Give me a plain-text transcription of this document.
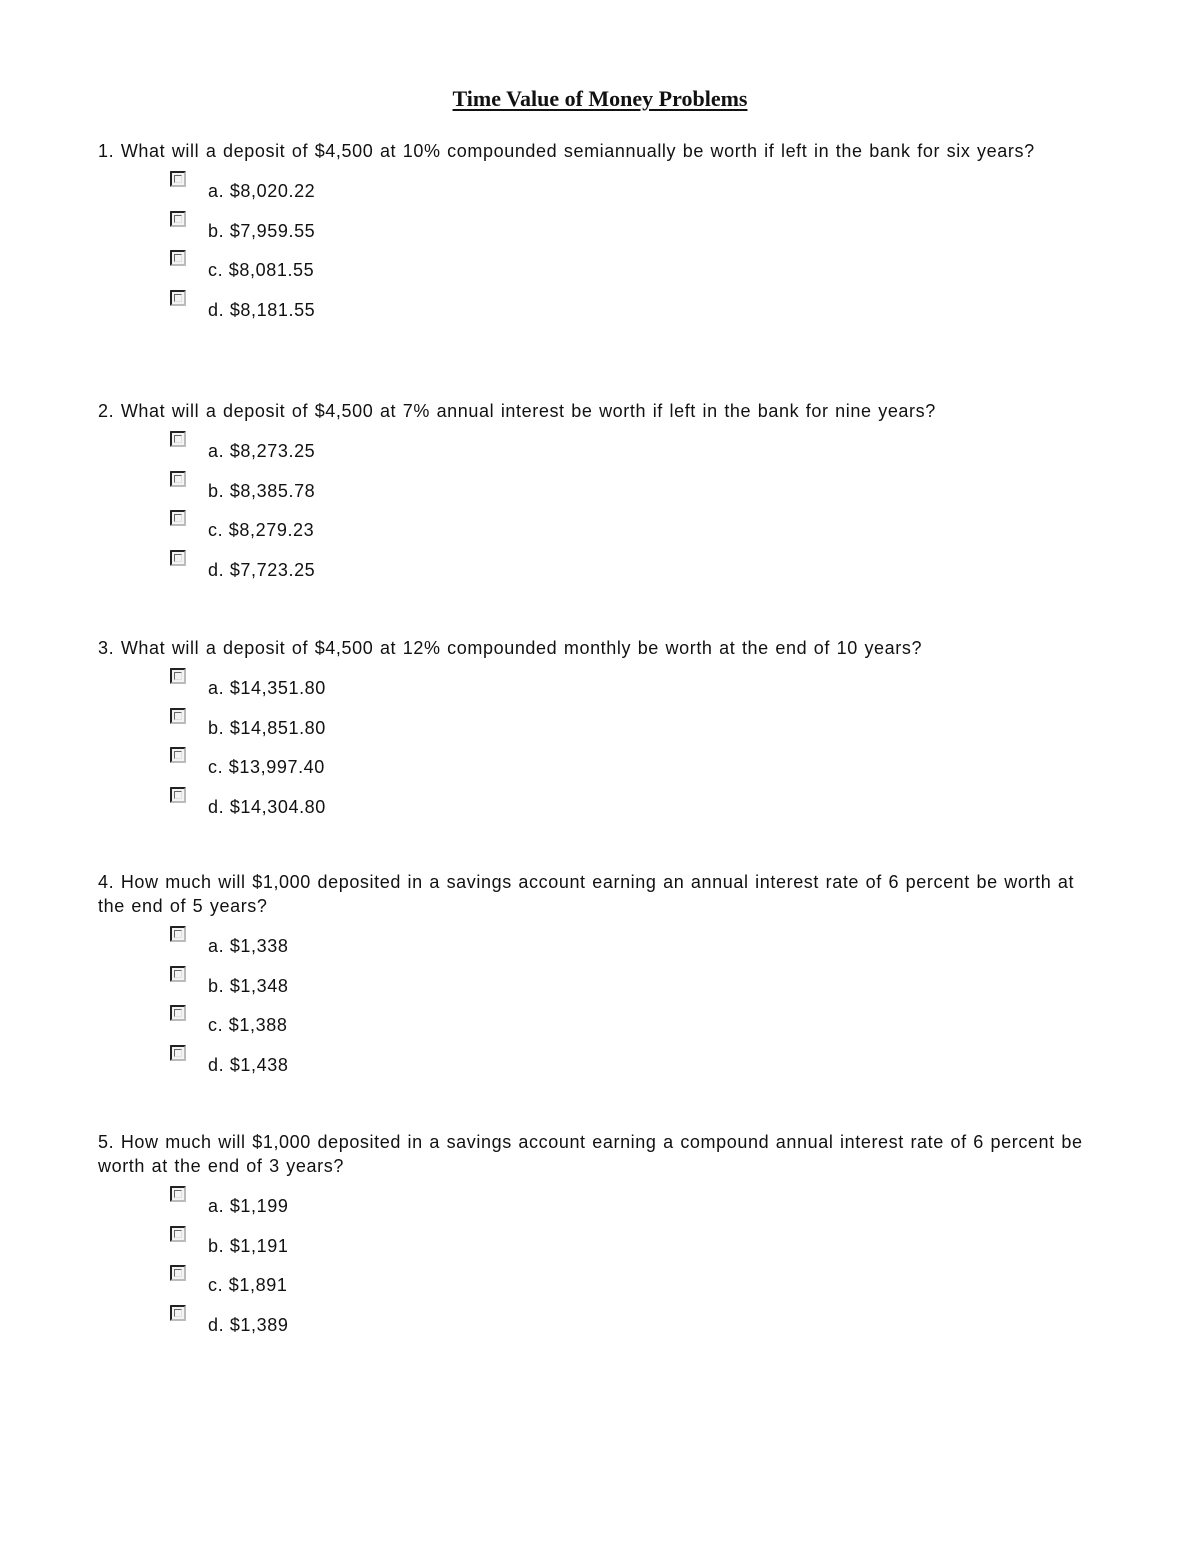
Time Value of Money Problems

1. What will a deposit of $4,500 at 10% compounded semiannually be worth if left in the bank for six years?

a. $8,020.22
b. $7,959.55
c. $8,081.55
d. $8,181.55

2. What will a deposit of $4,500 at 7% annual interest be worth if left in the bank for nine years?

a. $8,273.25
b. $8,385.78
c. $8,279.23
d. $7,723.25

3. What will a deposit of $4,500 at 12% compounded monthly be worth at the end of 10 years?

a. $14,351.80
b. $14,851.80
c. $13,997.40
d. $14,304.80

4. How much will $1,000 deposited in a savings account earning an annual interest rate of 6 percent be worth at the end of 5 years?

a. $1,338
b. $1,348
c. $1,388
d. $1,438

5. How much will $1,000 deposited in a savings account earning a compound annual interest rate of 6 percent be worth at the end of 3 years?

a. $1,199
b. $1,191
c. $1,891
d. $1,389
